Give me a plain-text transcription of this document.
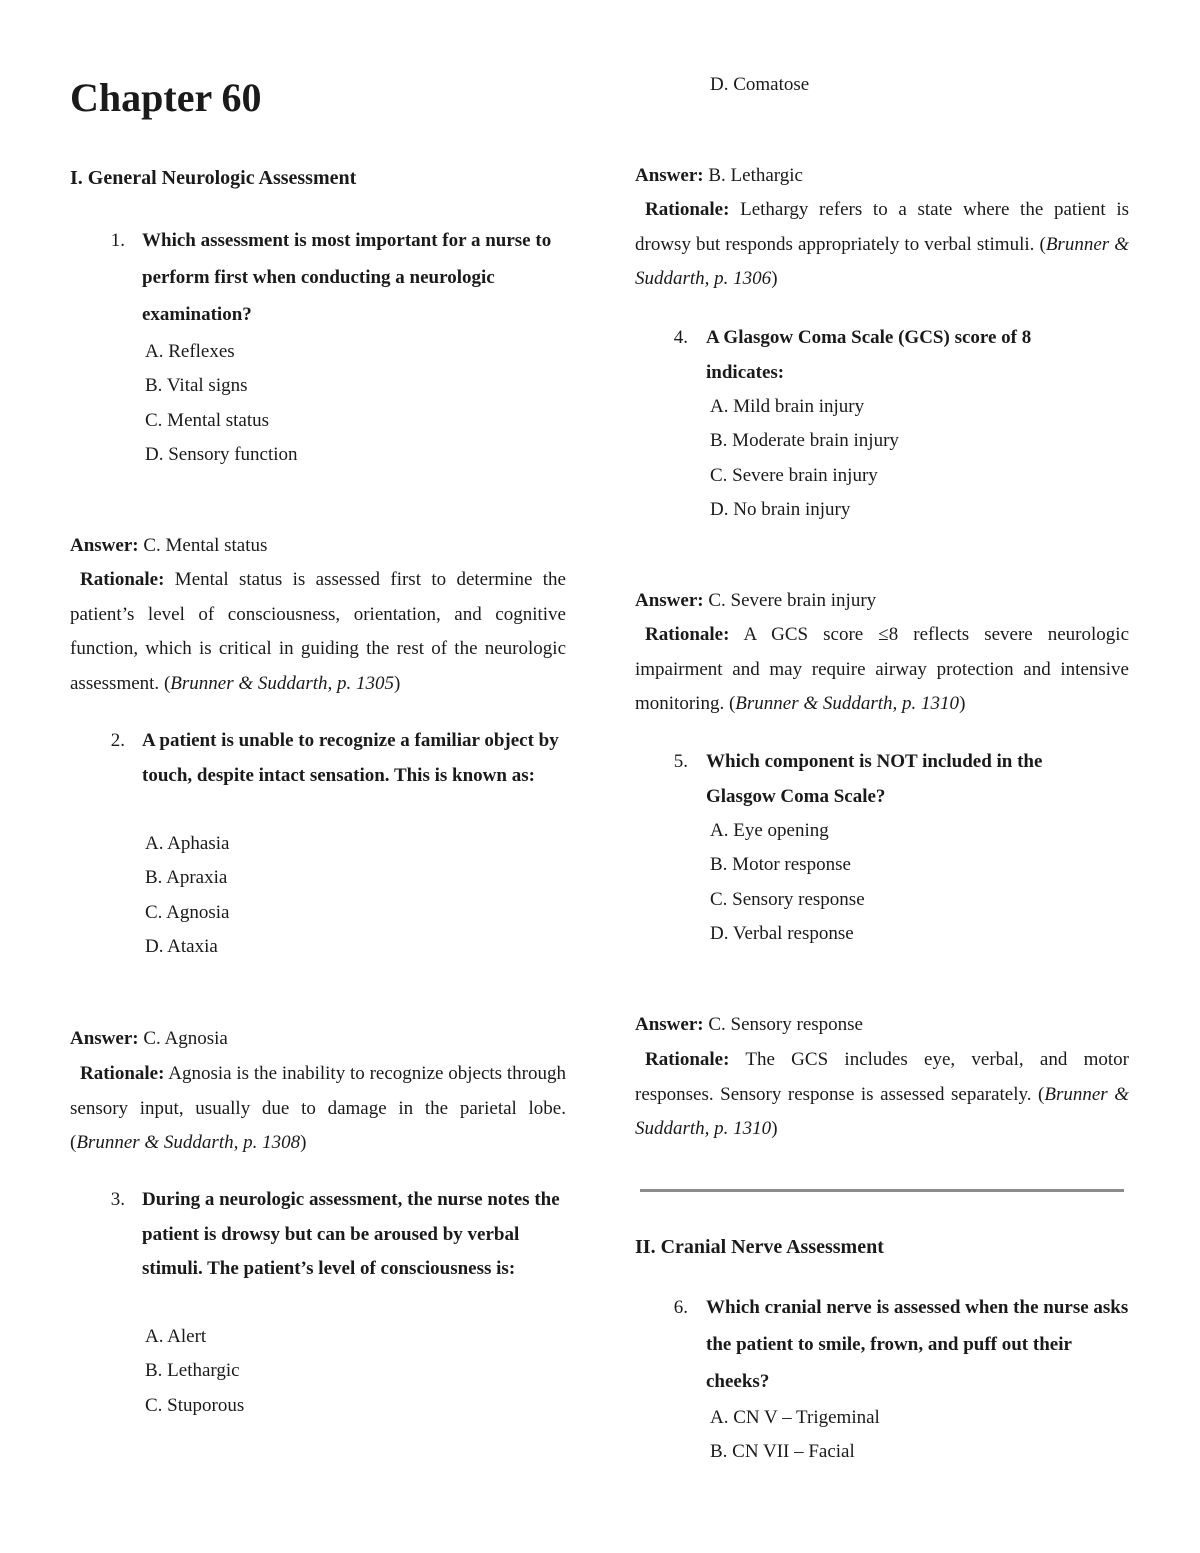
Chapter 60
I. General Neurologic Assessment
1. Which assessment is most important for a nurse to perform first when conducting a neurologic examination?
A. Reflexes
B. Vital signs
C. Mental status
D. Sensory function
Answer: C. Mental status

Rationale: Mental status is assessed first to determine the patient’s level of consciousness, orientation, and cognitive function, which is critical in guiding the rest of the neurologic assessment. (Brunner & Suddarth, p. 1305)

2. A patient is unable to recognize a familiar object by touch, despite intact sensation. This is known as:
A. Aphasia
B. Apraxia
C. Agnosia
D. Ataxia
Answer: C. Agnosia

Rationale: Agnosia is the inability to recognize objects through sensory input, usually due to damage in the parietal lobe. (Brunner & Suddarth, p. 1308)

3. During a neurologic assessment, the nurse notes the patient is drowsy but can be aroused by verbal stimuli. The patient’s level of consciousness is:
A. Alert
B. Lethargic
C. Stuporous
D. Comatose
Answer: B. Lethargic

Rationale: Lethargy refers to a state where the patient is drowsy but responds appropriately to verbal stimuli. (Brunner & Suddarth, p. 1306)

4. A Glasgow Coma Scale (GCS) score of 8 indicates:
A. Mild brain injury
B. Moderate brain injury
C. Severe brain injury
D. No brain injury
Answer: C. Severe brain injury

Rationale: A GCS score ≤8 reflects severe neurologic impairment and may require airway protection and intensive monitoring. (Brunner & Suddarth, p. 1310)

5. Which component is NOT included in the Glasgow Coma Scale?
A. Eye opening
B. Motor response
C. Sensory response
D. Verbal response
Answer: C. Sensory response

Rationale: The GCS includes eye, verbal, and motor responses. Sensory response is assessed separately. (Brunner & Suddarth, p. 1310)

II. Cranial Nerve Assessment
6. Which cranial nerve is assessed when the nurse asks the patient to smile, frown, and puff out their cheeks?
A. CN V – Trigeminal
B. CN VII – Facial
